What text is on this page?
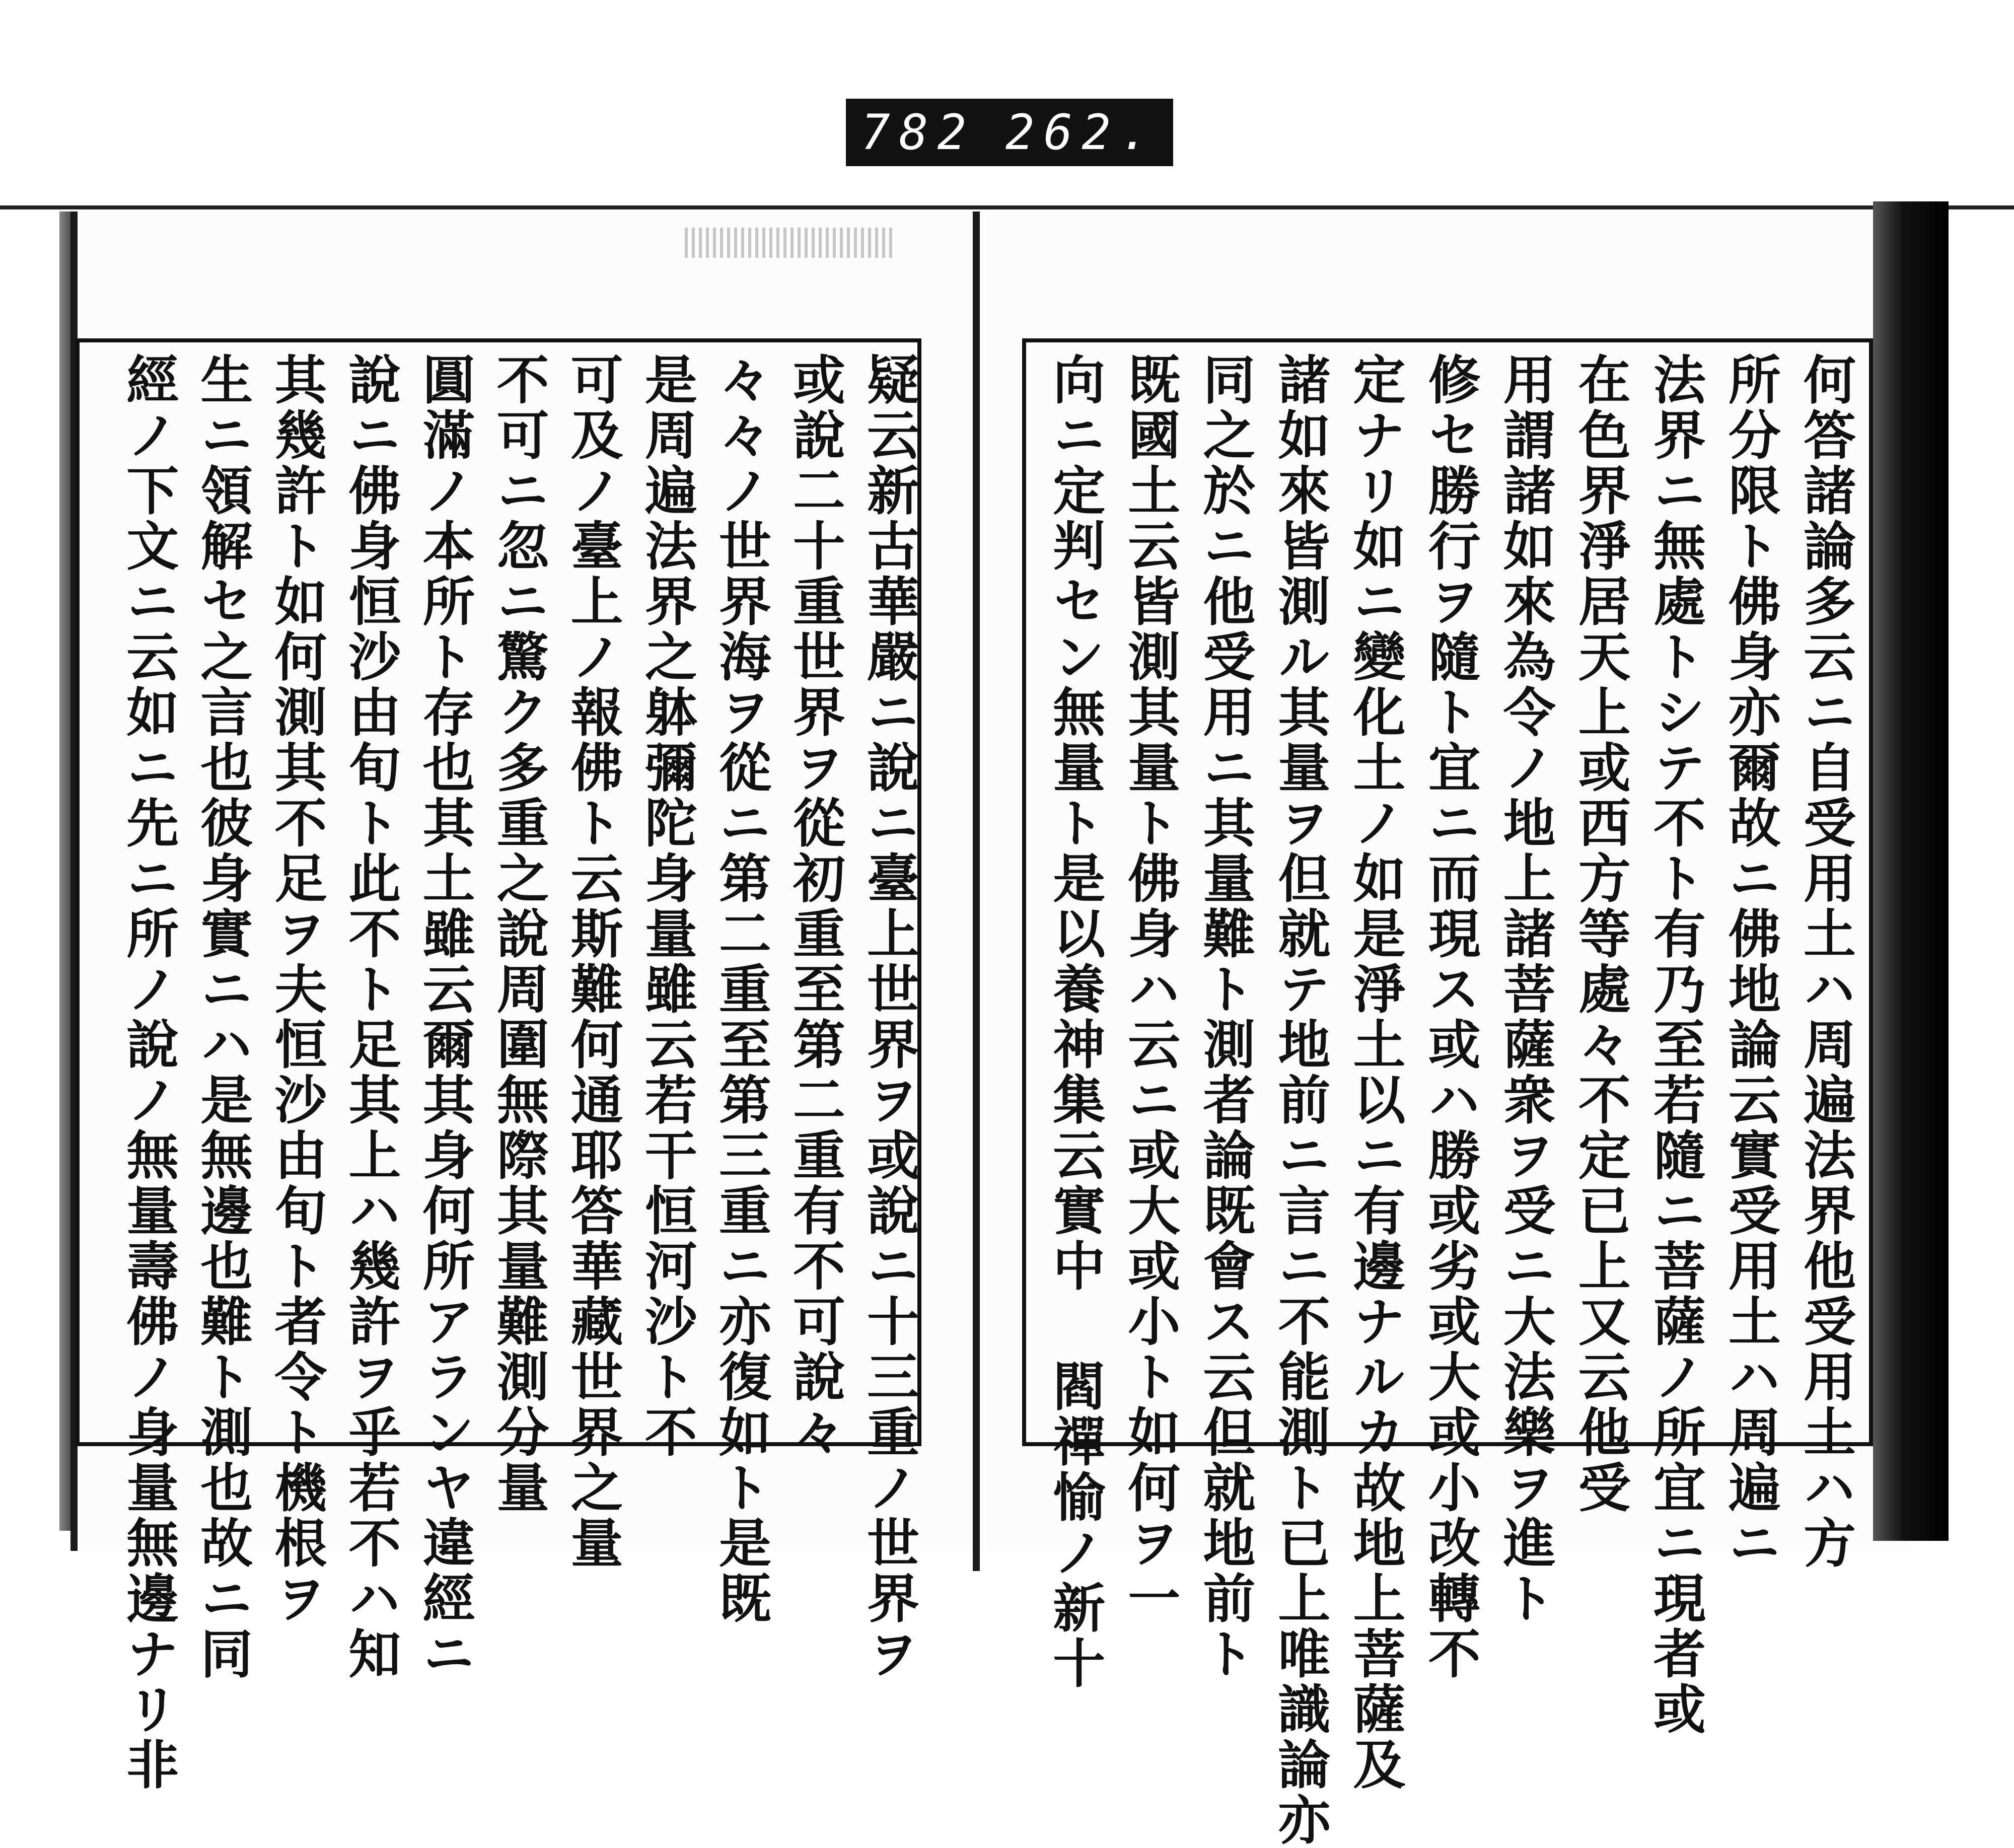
782 262.
疑云新古華嚴ニ說ニ臺上世界ヲ或說ニ十三重ノ世界ヲ
或說二十重世界ヲ從初重至第二重有不可說々
々々ノ世界海ヲ從ニ第二重至第三重ニ亦復如ト是既
是周遍法界之躰彌陀身量雖云若干恒河沙ト不
可及ノ臺上ノ報佛ト云斯難何通耶答華藏世界之量
不可ニ忽ニ驚ク多重之說周圍無際其量難測分量
圓滿ノ本所ト存也其土雖云爾其身何所アランヤ違經ニ
說ニ佛身恒沙由旬ト此不ト足其上ハ幾許ヲ乎若不ハ知
其幾許ト如何測其不足ヲ夫恒沙由旬ト者令ト機根ヲ
生ニ領解セ之言也彼身實ニハ是無邊也難ト測也故ニ同
經ノ下文ニ云如ニ先ニ所ノ說ノ無量壽佛ノ身量無邊ナリ非	何答諸論多云ニ自受用土ハ周遍法界他受用土ハ方
所分限ト佛身亦爾故ニ佛地論云實受用土ハ周遍ニ
法界ニ無處トシテ不ト有乃至若隨ニ菩薩ノ所宜ニ現者或
在色界淨居天上或西方等處々不定已上又云他受
用謂諸如來為令ノ地上諸菩薩衆ヲ受ニ大法樂ヲ進ト
修セ勝行ヲ隨ト宜ニ而現ス或ハ勝或劣或大或小改轉不
定ナリ如ニ變化土ノ如是淨土以ニ有邊ナルカ故地上菩薩及
諸如來皆測ル其量ヲ但就テ地前ニ言ニ不能測ト已上唯識論亦
同之於ニ他受用ニ其量難ト測者論既會ス云但就地前ト
既國土云皆測其量ト佛身ハ云ニ或大或小ト如何ヲ一
向ニ定判セン無量ト是以養神集云實中 閻禪愉ノ新十
